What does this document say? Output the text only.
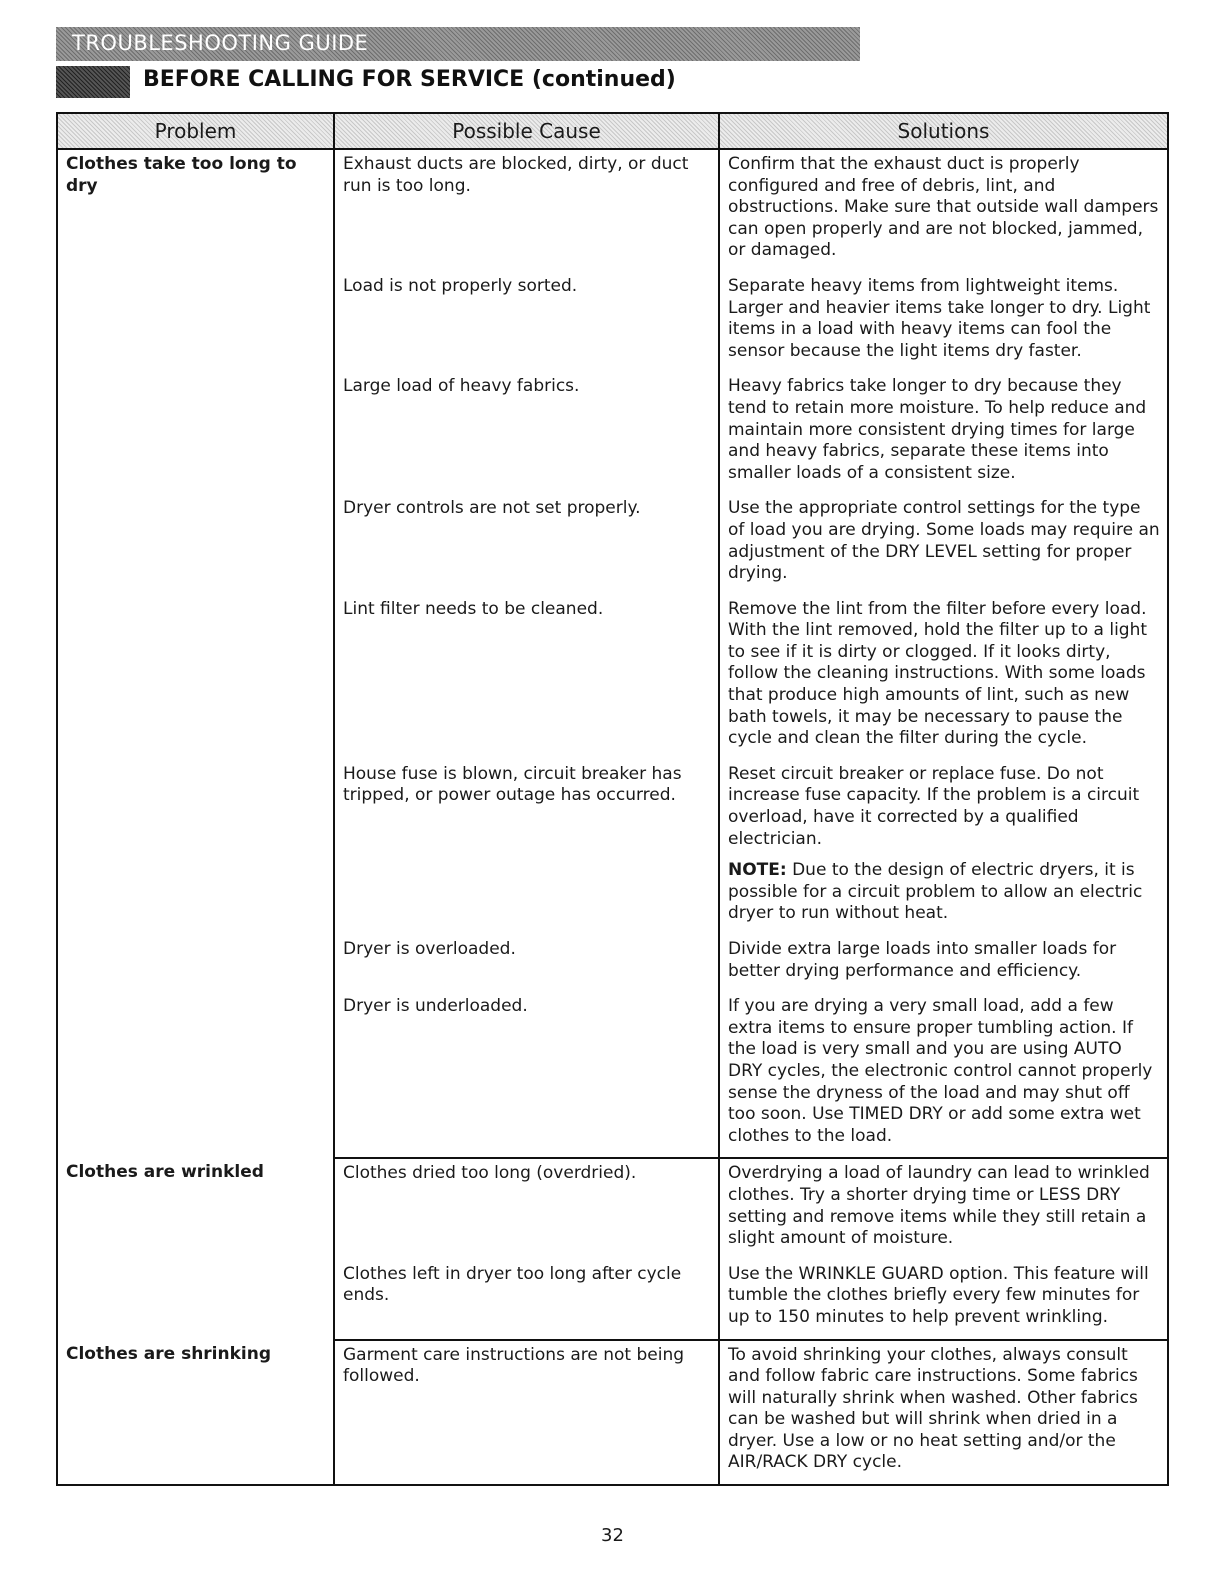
TROUBLESHOOTING GUIDE
BEFORE CALLING FOR SERVICE (continued)
Problem	Possible Cause	Solutions
Clothes take too long to dry	Exhaust ducts are blocked, dirty, or duct run is too long.	Confirm that the exhaust duct is properly configured and free of debris, lint, and obstructions. Make sure that outside wall dampers can open properly and are not blocked, jammed, or damaged.

	Load is not properly sorted.	Separate heavy items from lightweight items. Larger and heavier items take longer to dry. Light items in a load with heavy items can fool the sensor because the light items dry faster.

	Large load of heavy fabrics.	Heavy fabrics take longer to dry because they tend to retain more moisture. To help reduce and maintain more consistent drying times for large and heavy fabrics, separate these items into smaller loads of a consistent size.

	Dryer controls are not set properly.	Use the appropriate control settings for the type of load you are drying. Some loads may require an adjustment of the DRY LEVEL setting for proper drying.

	Lint filter needs to be cleaned.	Remove the lint from the filter before every load. With the lint removed, hold the filter up to a light to see if it is dirty or clogged. If it looks dirty, follow the cleaning instructions. With some loads that produce high amounts of lint, such as new bath towels, it may be necessary to pause the cycle and clean the filter during the cycle.

	House fuse is blown, circuit breaker has tripped, or power outage has occurred.	Reset circuit breaker or replace fuse. Do not increase fuse capacity. If the problem is a circuit overload, have it corrected by a qualified electrician.
NOTE: Due to the design of electric dryers, it is possible for a circuit problem to allow an electric dryer to run without heat.

	Dryer is overloaded.	Divide extra large loads into smaller loads for better drying performance and efficiency.

	Dryer is underloaded.	If you are drying a very small load, add a few extra items to ensure proper tumbling action. If the load is very small and you are using AUTO DRY cycles, the electronic control cannot properly sense the dryness of the load and may shut off too soon. Use TIMED DRY or add some extra wet clothes to the load.

Clothes are wrinkled	Clothes dried too long (overdried).	Overdrying a load of laundry can lead to wrinkled clothes. Try a shorter drying time or LESS DRY setting and remove items while they still retain a slight amount of moisture.

	Clothes left in dryer too long after cycle ends.	Use the WRINKLE GUARD option. This feature will tumble the clothes briefly every few minutes for up to 150 minutes to help prevent wrinkling.

Clothes are shrinking	Garment care instructions are not being followed.	To avoid shrinking your clothes, always consult and follow fabric care instructions. Some fabrics will naturally shrink when washed. Other fabrics can be washed but will shrink when dried in a dryer. Use a low or no heat setting and/or the AIR/RACK DRY cycle.
32
